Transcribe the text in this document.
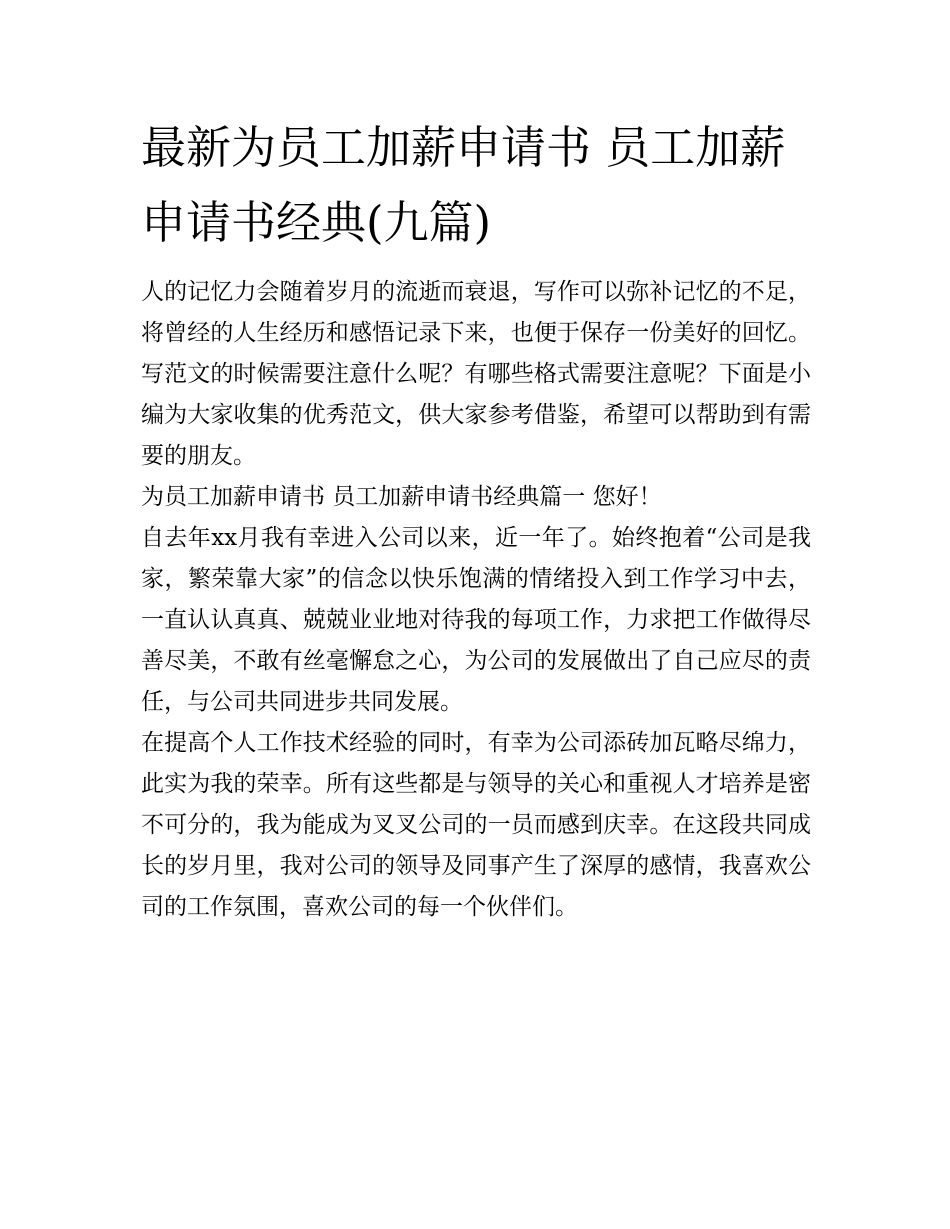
最新为员工加薪申请书 员工加薪申请书经典(九篇)

人的记忆力会随着岁月的流逝而衰退，写作可以弥补记忆的不足，将曾经的人生经历和感悟记录下来，也便于保存一份美好的回忆。写范文的时候需要注意什么呢？有哪些格式需要注意呢？下面是小编为大家收集的优秀范文，供大家参考借鉴，希望可以帮助到有需要的朋友。

为员工加薪申请书 员工加薪申请书经典篇一 您好！

自去年xx月我有幸进入公司以来，近一年了。始终抱着“公司是我家，繁荣靠大家”的信念以快乐饱满的情绪投入到工作学习中去，一直认认真真、兢兢业业地对待我的每项工作，力求把工作做得尽善尽美，不敢有丝毫懈怠之心，为公司的发展做出了自己应尽的责任，与公司共同进步共同发展。

在提高个人工作技术经验的同时，有幸为公司添砖加瓦略尽绵力，此实为我的荣幸。所有这些都是与领导的关心和重视人才培养是密不可分的，我为能成为叉叉公司的一员而感到庆幸。在这段共同成长的岁月里，我对公司的领导及同事产生了深厚的感情，我喜欢公司的工作氛围，喜欢公司的每一个伙伴们。
